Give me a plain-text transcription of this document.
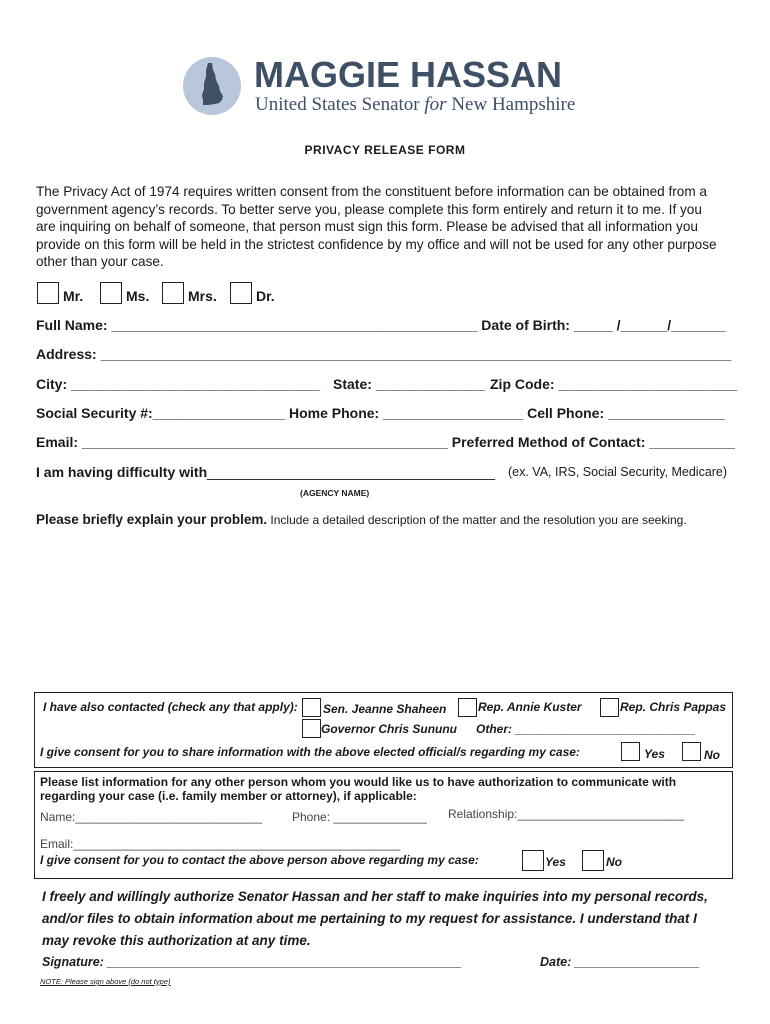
MAGGIE HASSAN
United States Senator for New Hampshire
PRIVACY RELEASE FORM
The Privacy Act of 1974 requires written consent from the constituent before information can be obtained from a
government agency’s records. To better serve you, please complete this form entirely and return it to me. If you
are inquiring on behalf of someone, that person must sign this form. Please be advised that all information you
provide on this form will be held in the strictest confidence by my office and will not be used for any other purpose
other than your case.
Mr.	Ms.	Mrs.	Dr.
Full Name: _______________________________________________ Date of Birth: _____ /______/_______
Address: _________________________________________________________________________________
City: ________________________________ State: ______________ Zip Code: _______________________
Social Security #:_________________ Home Phone: __________________ Cell Phone: _______________
Email: _______________________________________________ Preferred Method of Contact: ___________
I am having difficulty with _____________________________________ (ex. VA, IRS, Social Security, Medicare)
(AGENCY NAME)
Please briefly explain your problem. Include a detailed description of the matter and the resolution you are seeking.
I have also contacted (check any that apply): Sen. Jeanne Shaheen	Rep. Annie Kuster	Rep. Chris Pappas
Governor Chris Sununu Other: ___________________________
I give consent for you to share information with the above elected official/s regarding my case:	Yes	No
Please list information for any other person whom you would like us to have authorization to communicate with
regarding your case (i.e. family member or attorney), if applicable:
Name:____________________________ Phone: ______________ Relationship:_________________________
Email:_________________________________________________
I give consent for you to contact the above person above regarding my case:	Yes	No
I freely and willingly authorize Senator Hassan and her staff to make inquiries into my personal records,
and/or files to obtain information about me pertaining to my request for assistance. I understand that I
may revoke this authorization at any time.
Signature: ___________________________________________________	Date: __________________
NOTE: Please sign above (do not type)
